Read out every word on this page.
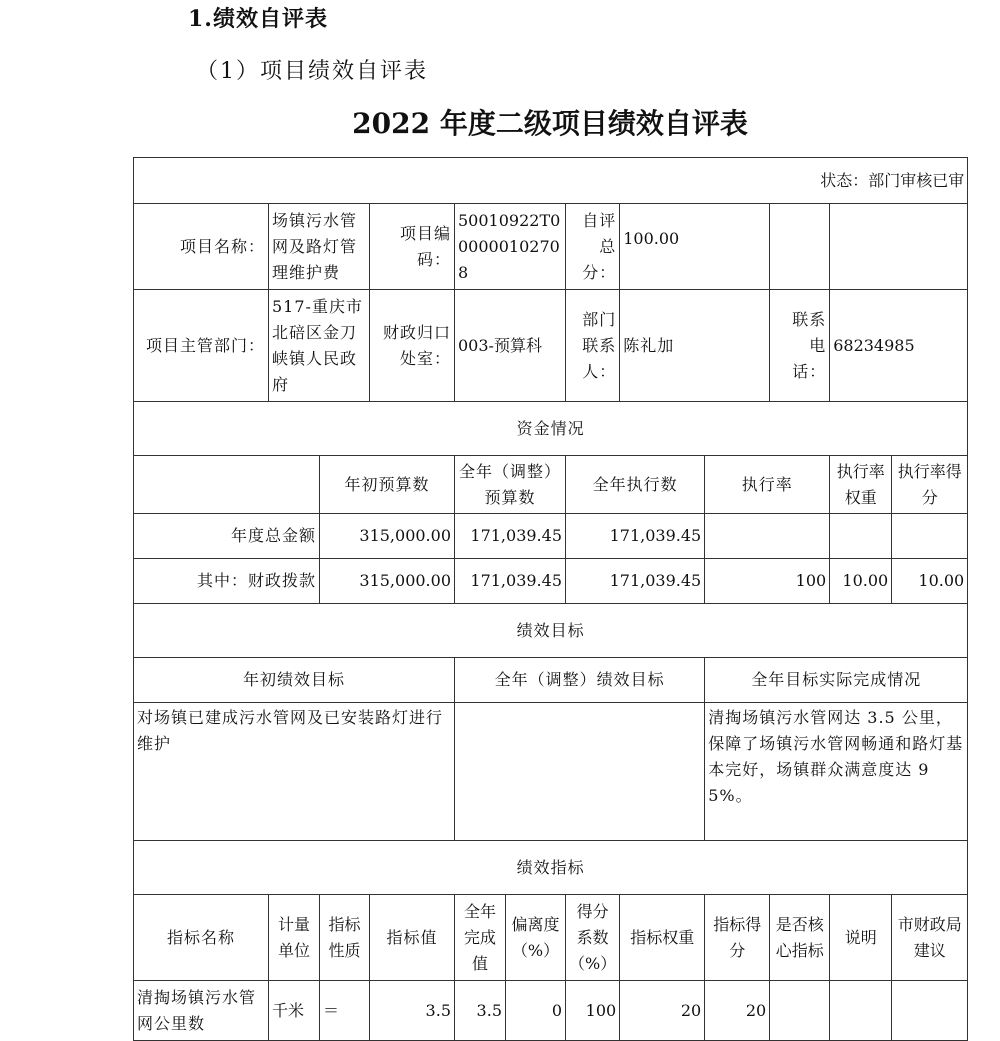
1.绩效自评表
（1）项目绩效自评表
2022 年度二级项目绩效自评表
状态：部门审核已审											
项目名称：	场镇污水管网及路灯管理维护费		项目编码：	50010922T000000102708		自评总分：	100.00				
项目主管部门：	517-重庆市北碚区金刀峡镇人民政府		财政归口处室：	003-预算科		部门联系人：	陈礼加		联系电话：	68234985	
资金情况											
		年初预算数		全年（调整）预算数		全年执行数		执行率		执行率权重	执行率得分
年度总金额		315,000.00		171,039.45		171,039.45					
其中：财政拨款		315,000.00		171,039.45		171,039.45		100		10.00	10.00
绩效目标											
年初绩效目标				全年（调整）绩效目标				全年目标实际完成情况			
对场镇已建成污水管网及已安装路灯进行维护								清掏场镇污水管网达 3.5 公里，保障了场镇污水管网畅通和路灯基本完好，场镇群众满意度达 95%。			
绩效指标											
指标名称	计量单位	指标性质	指标值	全年完成值	偏离度（%）	得分系数（%）	指标权重	指标得分	是否核心指标	说明	市财政局建议
清掏场镇污水管网公里数	千米	＝	3.5	3.5	0	100	20	20			
